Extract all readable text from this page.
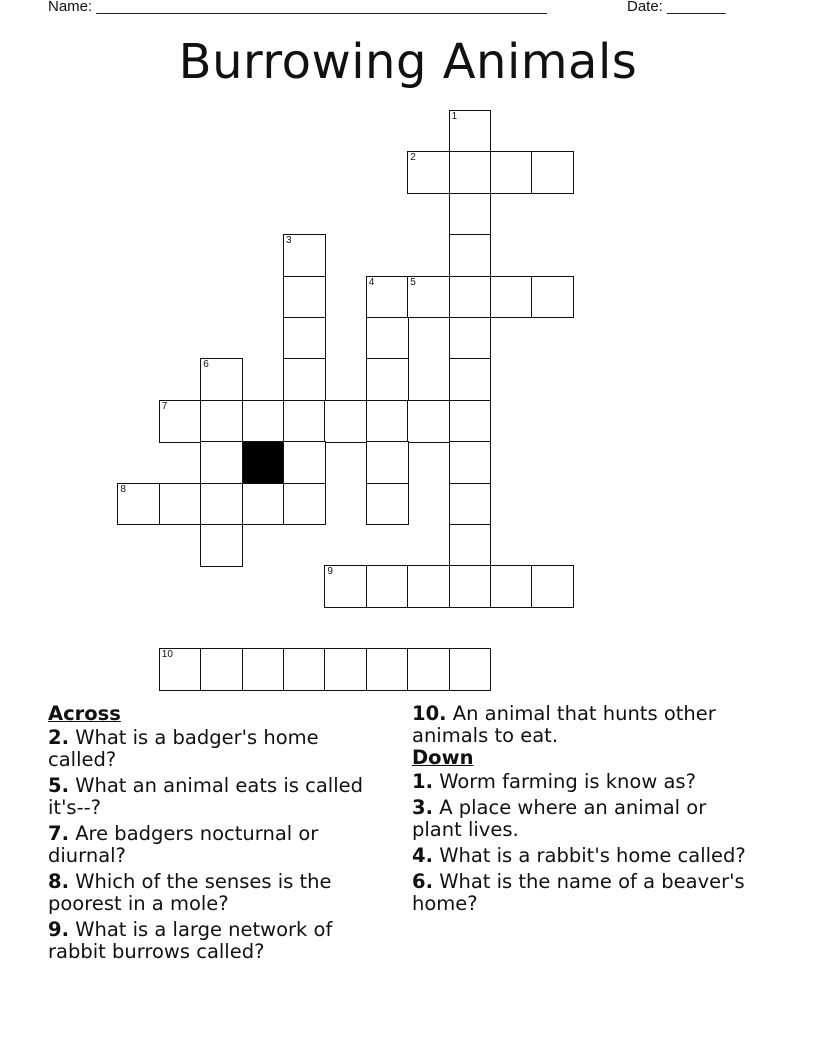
Name: ______________________________________________________	Date: _______
Burrowing Animals
1
2
3
4	5
6
7
8
9
10
Across
2. What is a badger's home called?
5. What an animal eats is called it's--?
7. Are badgers nocturnal or diurnal?
8. Which of the senses is the poorest in a mole?
9. What is a large network of rabbit burrows called?
10. An animal that hunts other animals to eat.
Down
1. Worm farming is know as?
3. A place where an animal or plant lives.
4. What is a rabbit's home called?
6. What is the name of a beaver's home?
